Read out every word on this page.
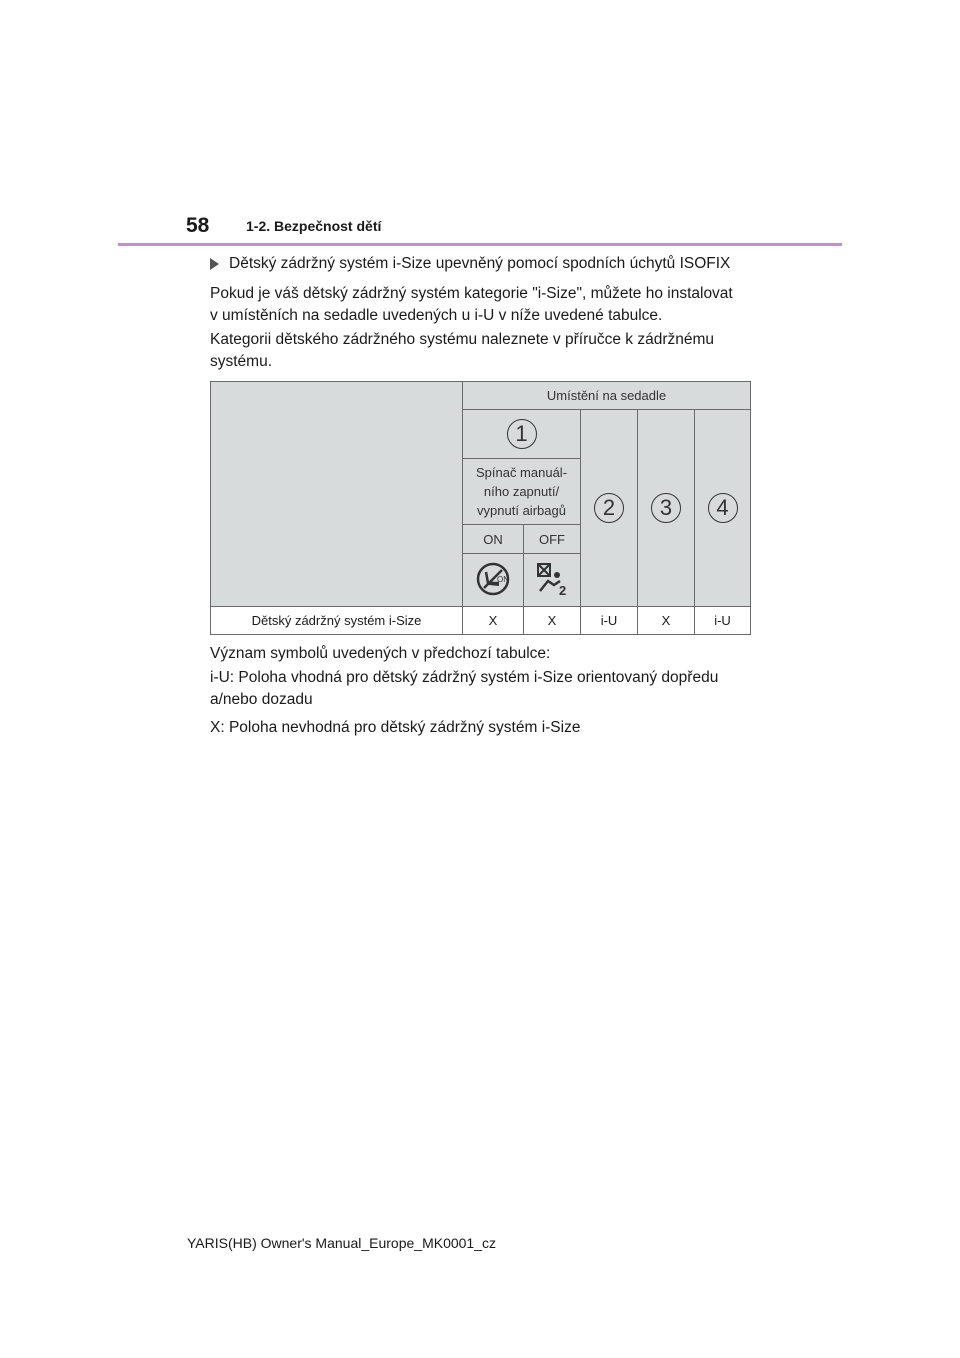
58	1-2. Bezpečnost dětí
Dětský zádržný systém i-Size upevněný pomocí spodních úchytů ISOFIX
Pokud je váš dětský zádržný systém kategorie "i-Size", můžete ho instalovat
v umístěních na sedadle uvedených u i-U v níže uvedené tabulce.
Kategorii dětského zádržného systému naleznete v příručce k zádržnému
systému.
	Umístění na sedadle				
	1		2	3	4

	Spínač manuál-
ního zapnutí/
vypnutí airbagů				

	ON	OFF			

ON	2			

Dětský zádržný systém i-Size	X	X	i-U	X	i-U
Význam symbolů uvedených v předchozí tabulce:
i-U: Poloha vhodná pro dětský zádržný systém i-Size orientovaný dopředu
a/nebo dozadu
X: Poloha nevhodná pro dětský zádržný systém i-Size
YARIS(HB) Owner's Manual_Europe_MK0001_cz
